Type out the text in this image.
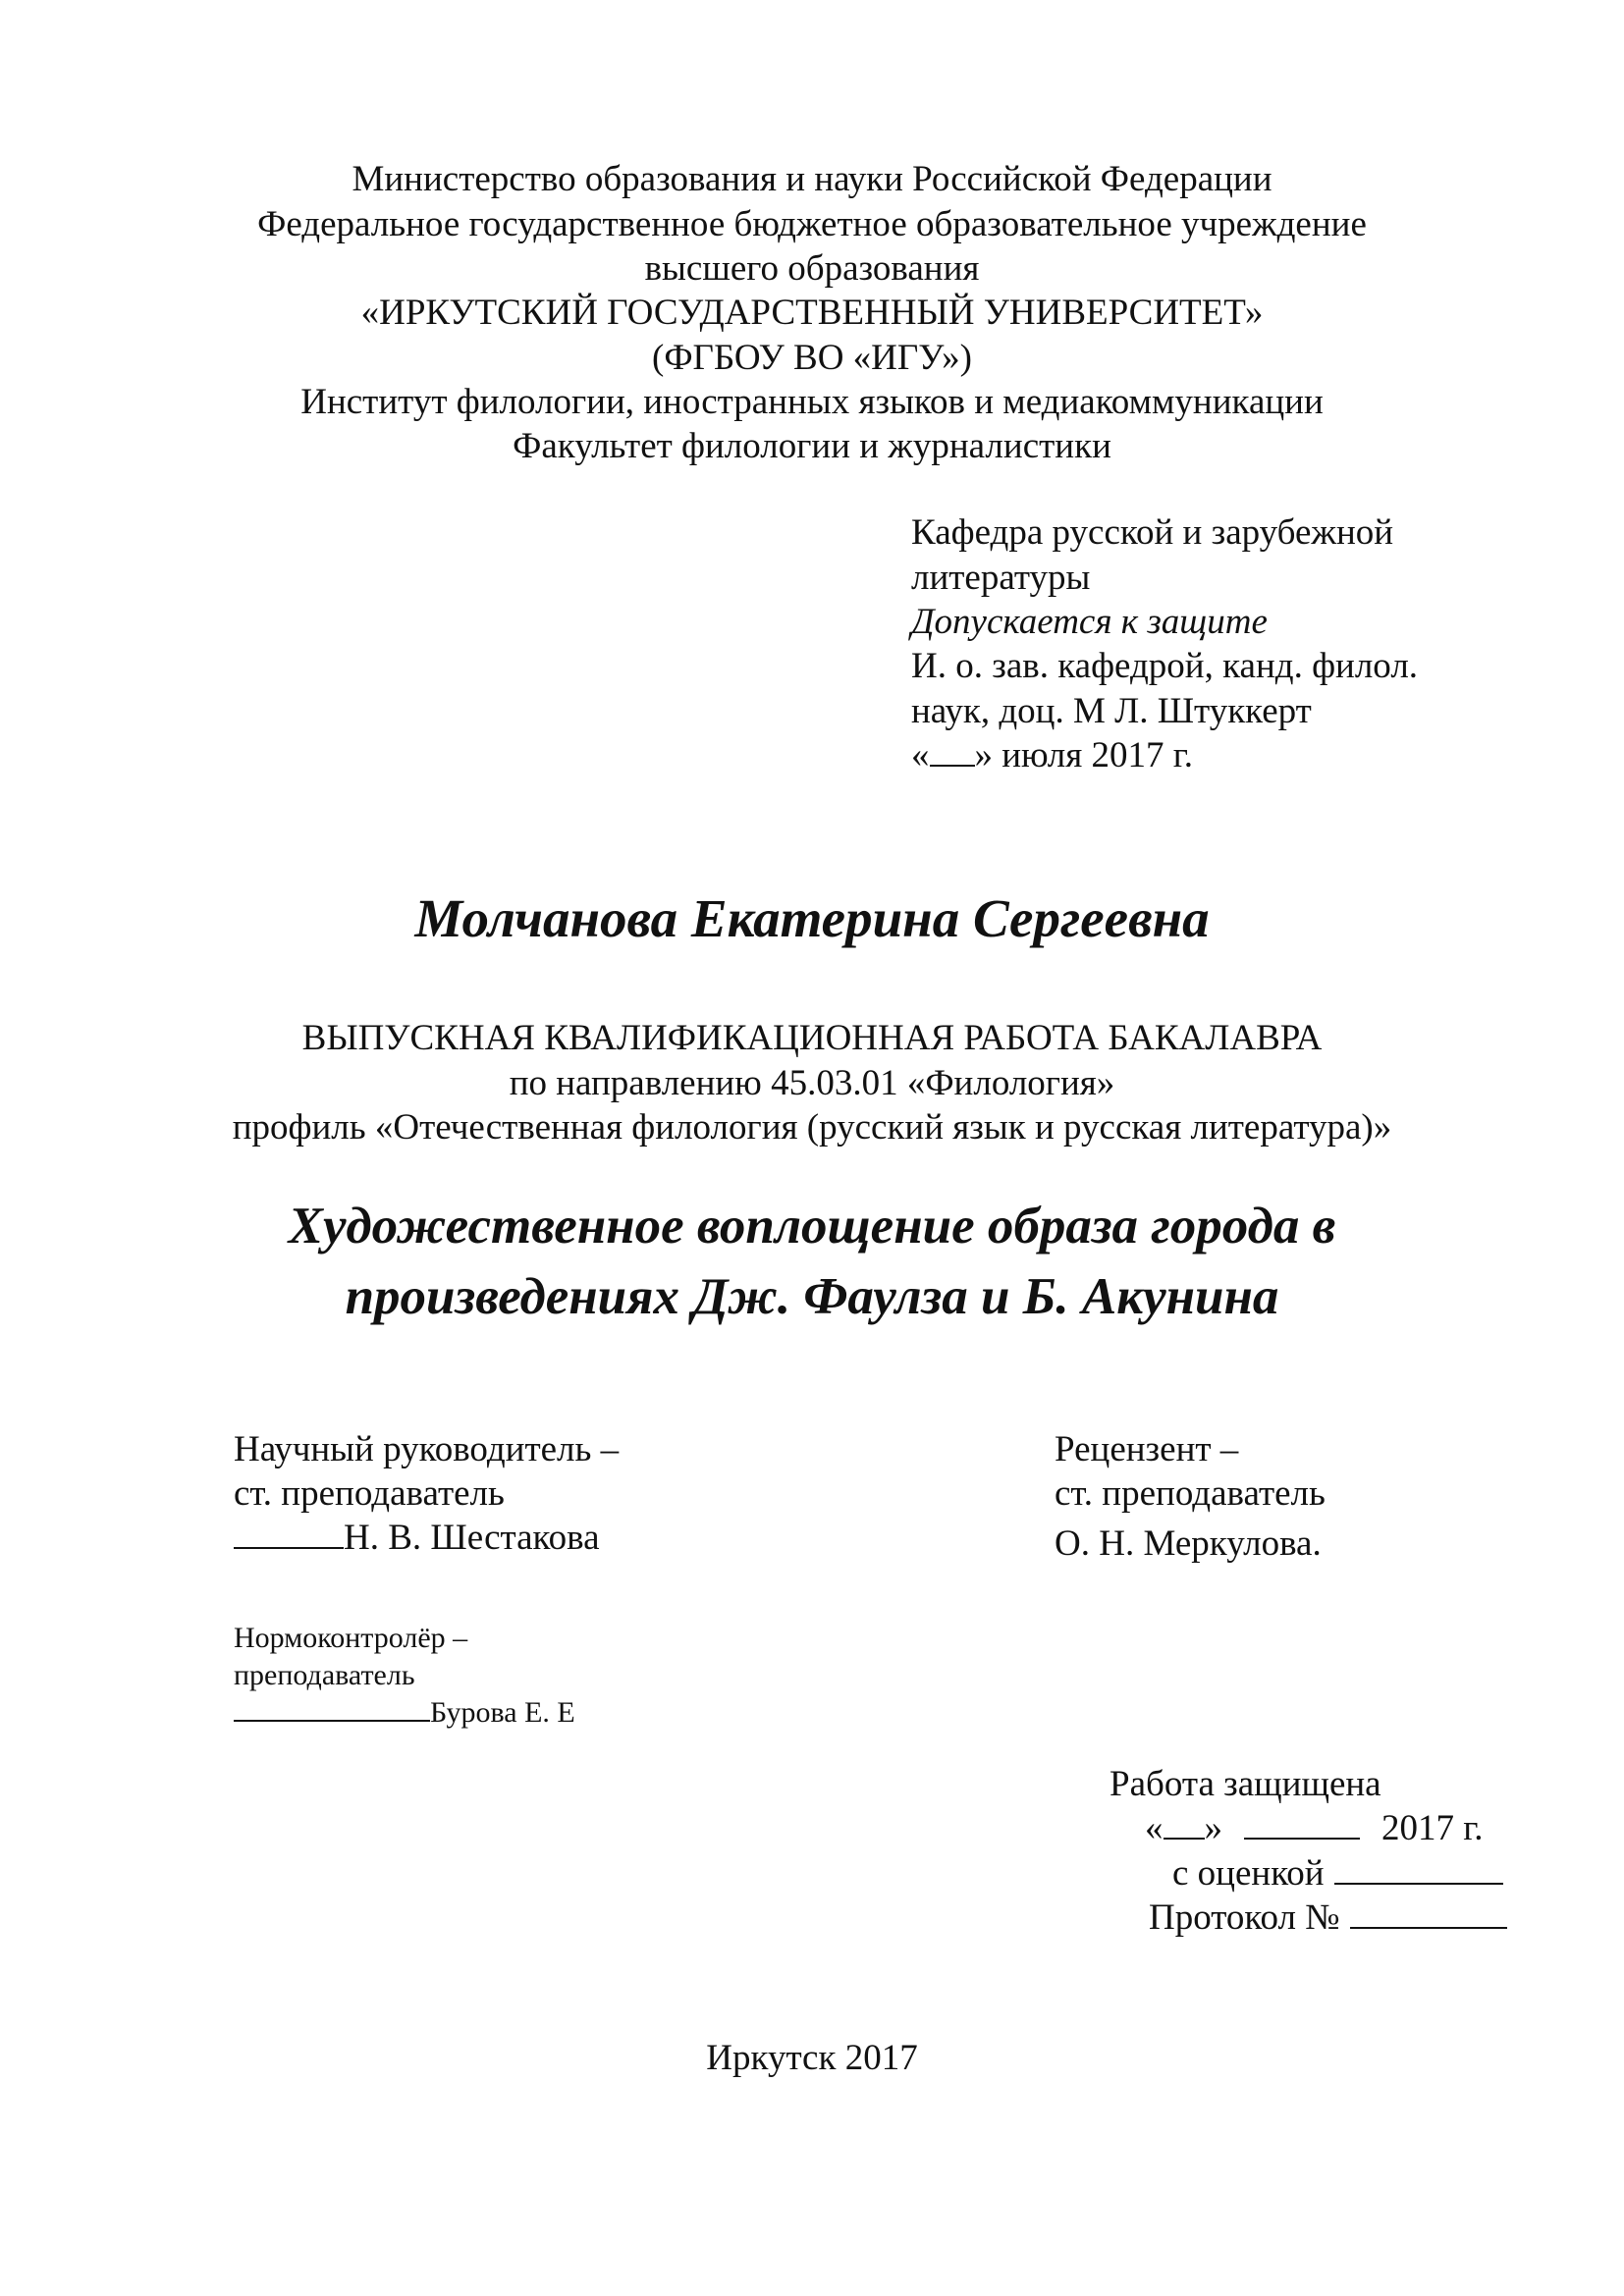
Министерство образования и науки Российской Федерации
Федеральное государственное бюджетное образовательное учреждение
высшего образования
«ИРКУТСКИЙ ГОСУДАРСТВЕННЫЙ УНИВЕРСИТЕТ»
(ФГБОУ ВО «ИГУ»)
Институт филологии, иностранных языков и медиакоммуникации
Факультет филологии и журналистики
Кафедра русской и зарубежной
литературы
Допускается к защите
И. о. зав. кафедрой, канд. филол.
наук, доц. М Л. Штуккерт
« » июля 2017 г.
Молчанова Екатерина Сергеевна
ВЫПУСКНАЯ КВАЛИФИКАЦИОННАЯ РАБОТА БАКАЛАВРА
по направлению 45.03.01 «Филология»
профиль «Отечественная филология (русский язык и русская литература)»
Художественное воплощение образа города в
произведениях Дж. Фаулза и Б. Акунина
Научный руководитель –
ст. преподаватель
Н. В. Шестакова
Рецензент –
ст. преподаватель
О. Н. Меркулова.
Нормоконтролёр –
преподаватель
Бурова Е. Е
Работа защищена
« »	2017 г.
с оценкой
Протокол №
Иркутск 2017
